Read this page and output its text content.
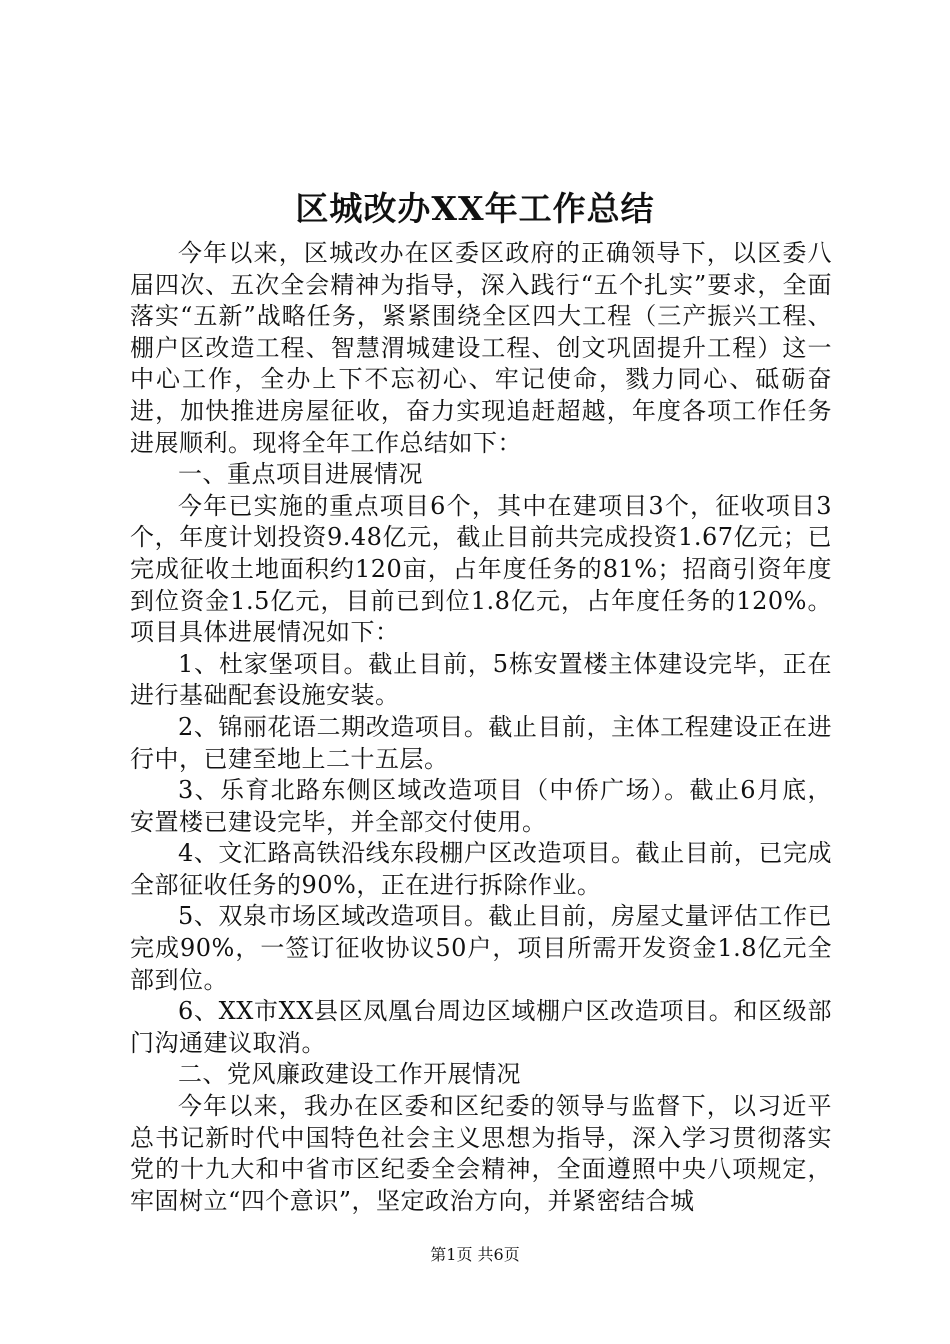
区城改办XX年工作总结

今年以来，区城改办在区委区政府的正确领导下，以区委八届四次、五次全会精神为指导，深入践行“五个扎实”要求，全面落实“五新”战略任务，紧紧围绕全区四大工程（三产振兴工程、棚户区改造工程、智慧渭城建设工程、创文巩固提升工程）这一中心工作，全办上下不忘初心、牢记使命，戮力同心、砥砺奋进，加快推进房屋征收，奋力实现追赶超越，年度各项工作任务进展顺利。现将全年工作总结如下：

一、重点项目进展情况

今年已实施的重点项目6个，其中在建项目3个，征收项目3个，年度计划投资9.48亿元，截止目前共完成投资1.67亿元；已完成征收土地面积约120亩，占年度任务的81%；招商引资年度到位资金1.5亿元，目前已到位1.8亿元，占年度任务的120%。项目具体进展情况如下：

1、杜家堡项目。截止目前，5栋安置楼主体建设完毕，正在进行基础配套设施安装。

2、锦丽花语二期改造项目。截止目前，主体工程建设正在进行中，已建至地上二十五层。

3、乐育北路东侧区域改造项目（中侨广场）。截止6月底，安置楼已建设完毕，并全部交付使用。

4、文汇路高铁沿线东段棚户区改造项目。截止目前，已完成全部征收任务的90%，正在进行拆除作业。

5、双泉市场区域改造项目。截止目前，房屋丈量评估工作已完成90%，一签订征收协议50户，项目所需开发资金1.8亿元全部到位。

6、XX市XX县区凤凰台周边区域棚户区改造项目。和区级部门沟通建议取消。

二、党风廉政建设工作开展情况

今年以来，我办在区委和区纪委的领导与监督下，以习近平总书记新时代中国特色社会主义思想为指导，深入学习贯彻落实党的十九大和中省市区纪委全会精神，全面遵照中央八项规定，牢固树立“四个意识”，坚定政治方向，并紧密结合城

第1页 共6页
